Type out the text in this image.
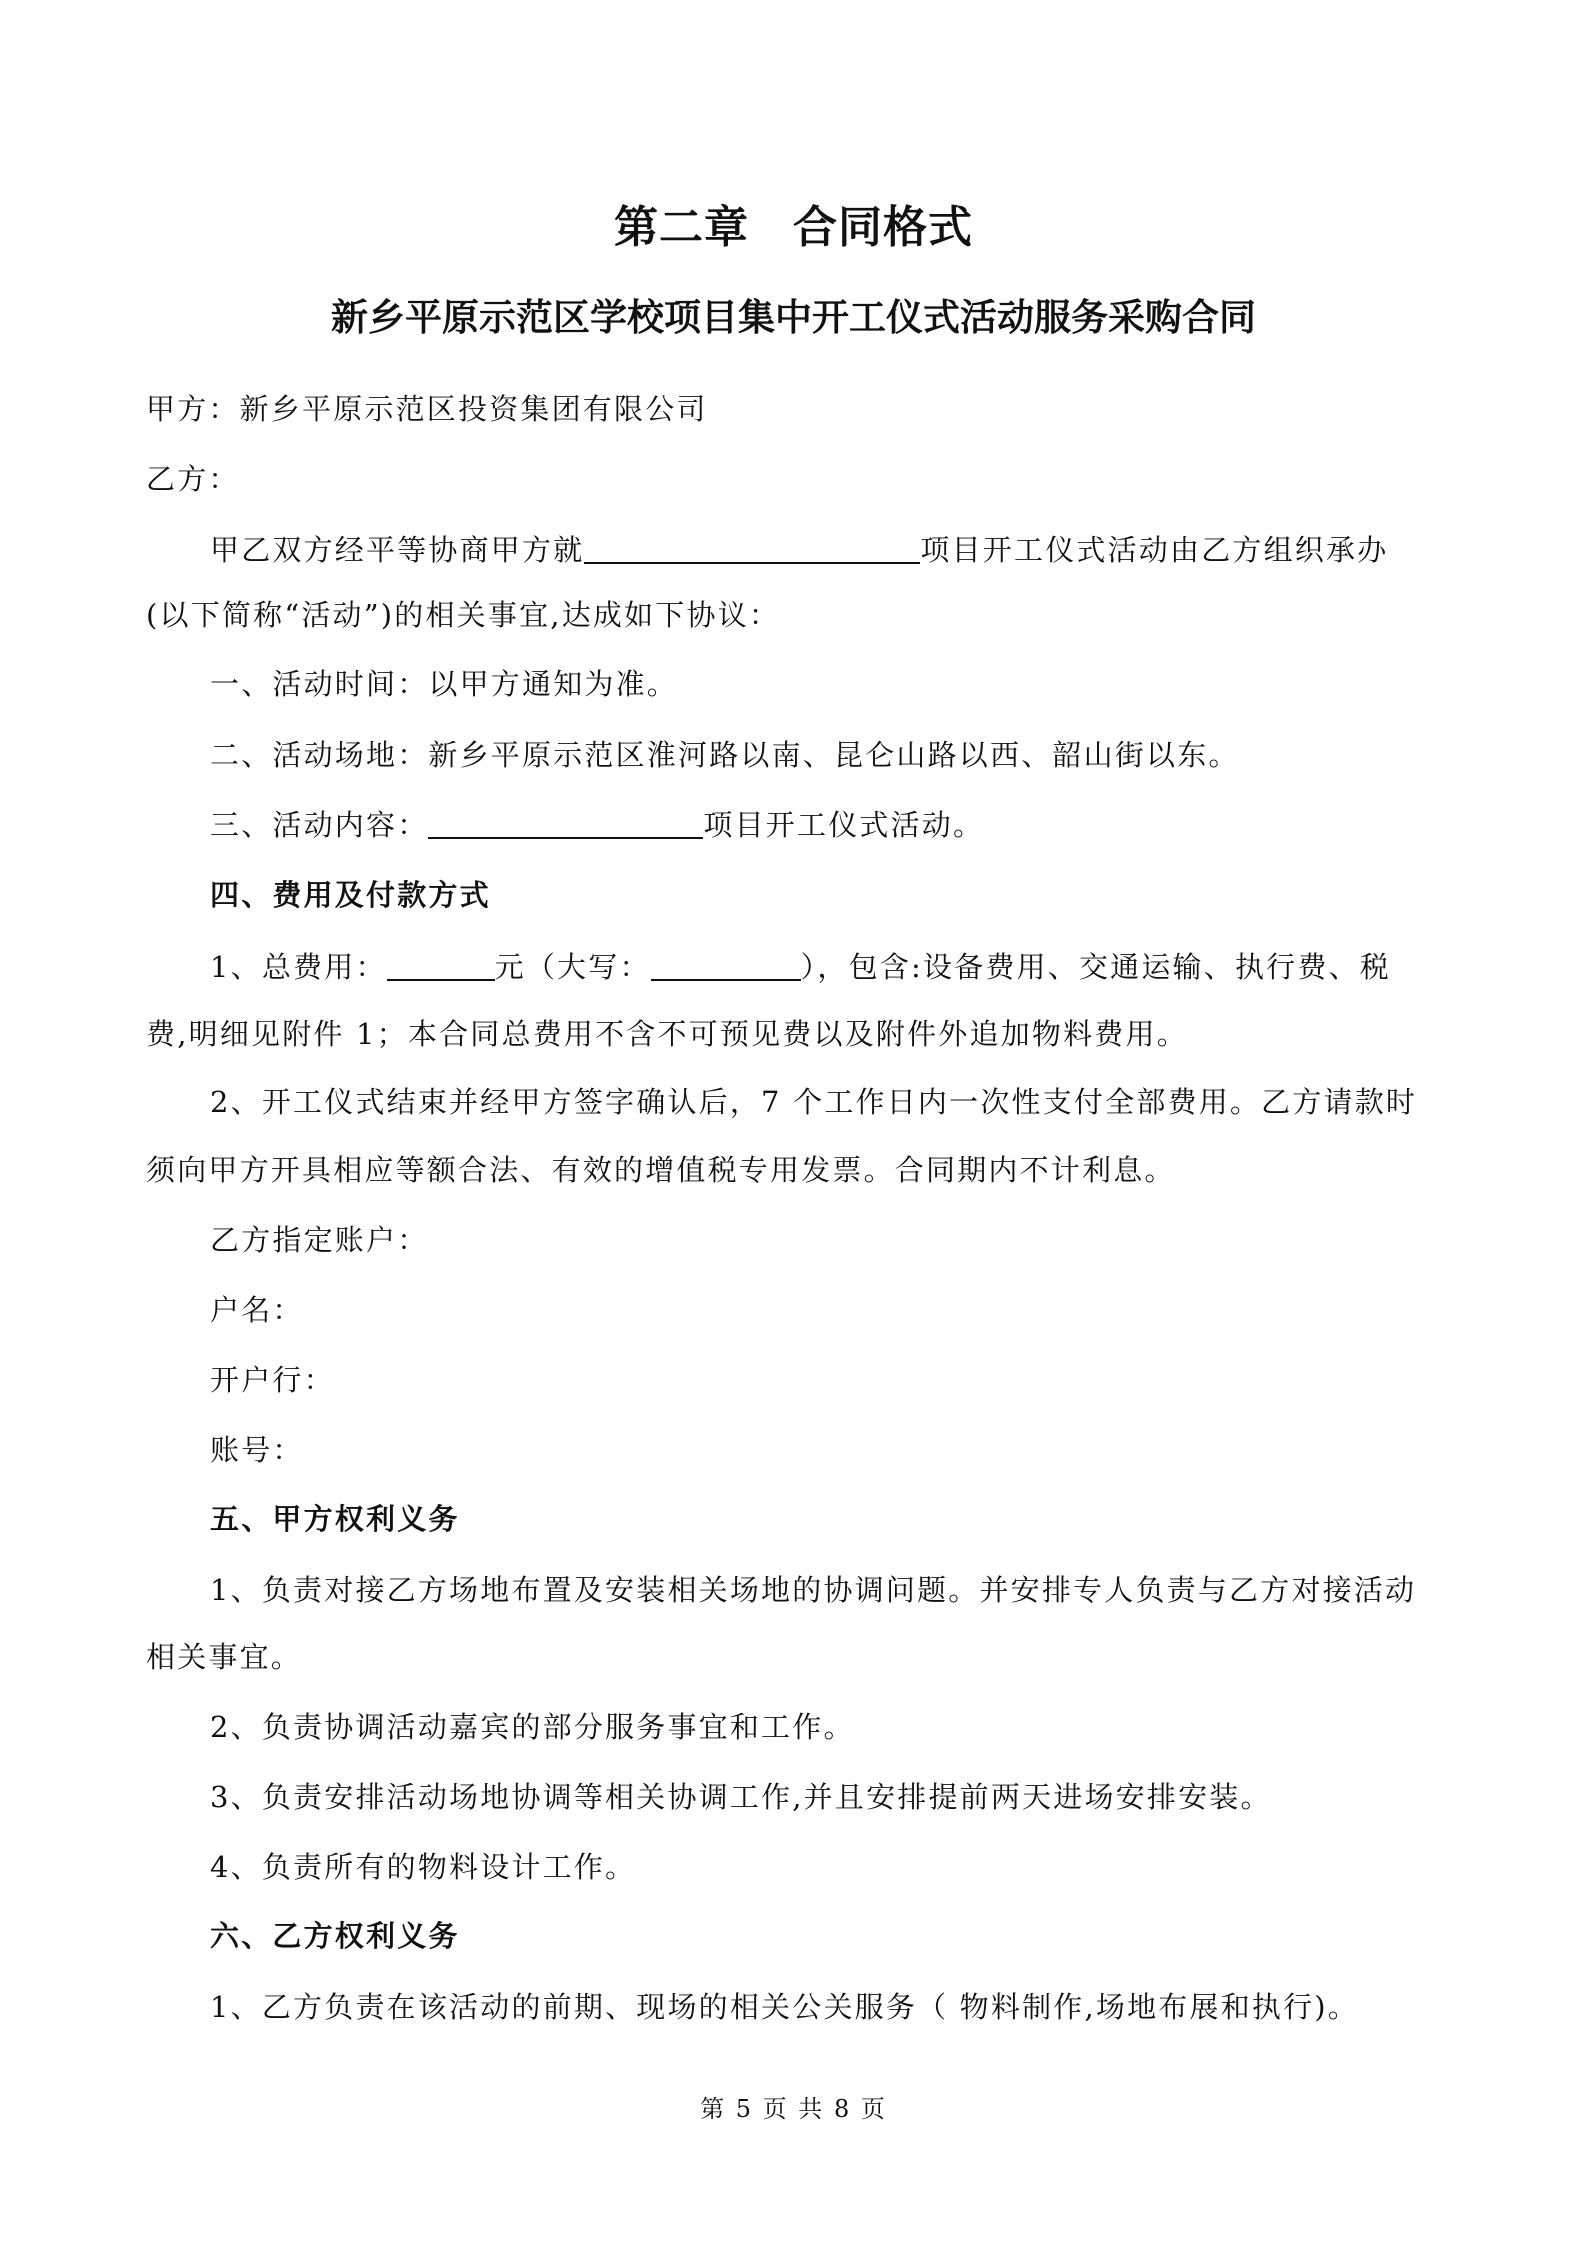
第二章 合同格式
新乡平原示范区学校项目集中开工仪式活动服务采购合同
甲方：新乡平原示范区投资集团有限公司
乙方：
甲乙双方经平等协商甲方就	项目开工仪式活动由乙方组织承办
(以下简称“活动”)的相关事宜,达成如下协议：
一、活动时间：以甲方通知为准。
二、活动场地：新乡平原示范区淮河路以南、昆仑山路以西、韶山街以东。
三、活动内容：	项目开工仪式活动。
四、费用及付款方式
1、总费用：	元（大写：	），包含:设备费用、交通运输、执行费、税
费,明细见附件 1；本合同总费用不含不可预见费以及附件外追加物料费用。
2、开工仪式结束并经甲方签字确认后，7 个工作日内一次性支付全部费用。乙方请款时
须向甲方开具相应等额合法、有效的增值税专用发票。合同期内不计利息。
乙方指定账户：
户名：
开户行：
账号：
五、甲方权利义务
1、负责对接乙方场地布置及安装相关场地的协调问题。并安排专人负责与乙方对接活动
相关事宜。
2、负责协调活动嘉宾的部分服务事宜和工作。
3、负责安排活动场地协调等相关协调工作,并且安排提前两天进场安排安装。
4、负责所有的物料设计工作。
六、乙方权利义务
1、乙方负责在该活动的前期、现场的相关公关服务（ 物料制作,场地布展和执行)。
第 5 页 共 8 页
